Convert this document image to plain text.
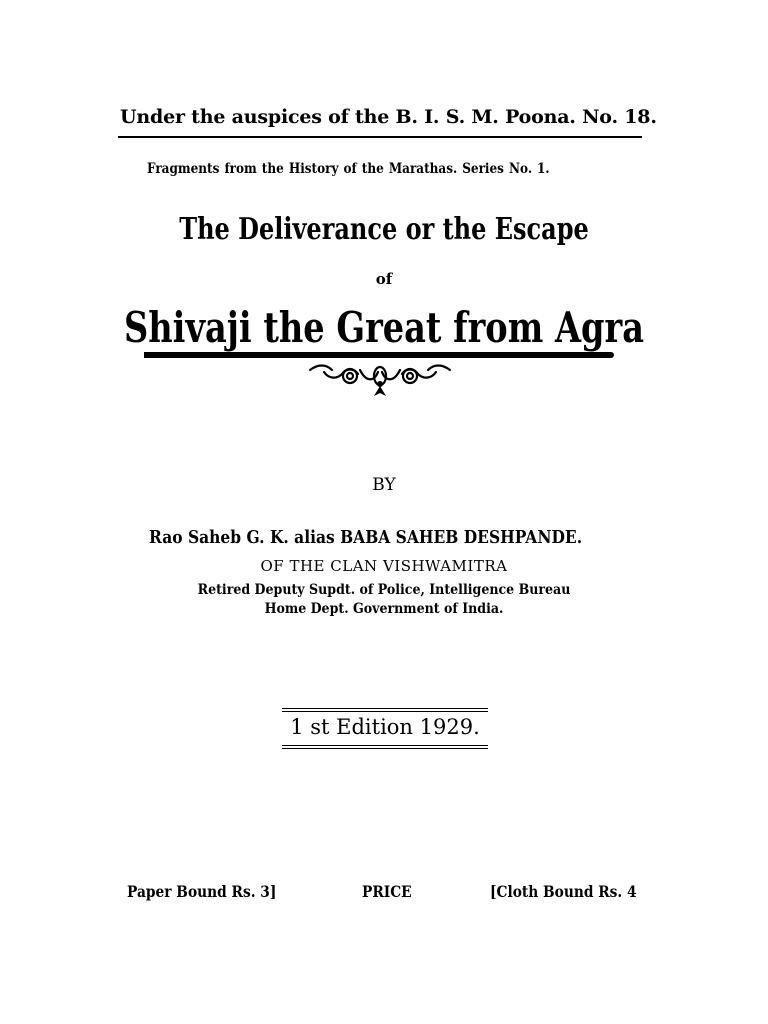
Under the auspices of the B. I. S. M. Poona. No. 18.
Fragments from the History of the Marathas. Series No. 1.
The Deliverance or the Escape
of
Shivaji the Great from Agra
BY
Rao Saheb G. K. alias BABA SAHEB DESHPANDE.
OF THE CLAN VISHWAMITRA
Retired Deputy Supdt. of Police, Intelligence Bureau
Home Dept. Government of India.
1 st Edition 1929.
Paper Bound Rs. 3]	PRICE	[Cloth Bound Rs. 4
